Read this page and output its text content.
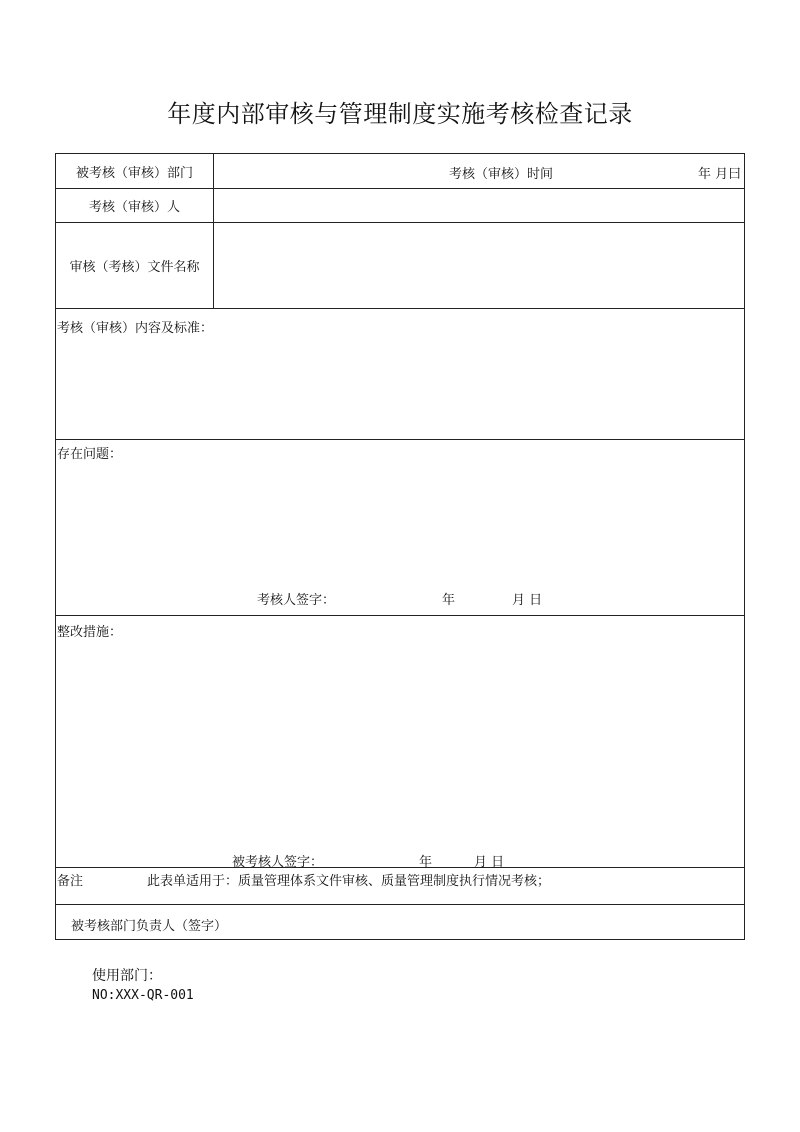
年度内部审核与管理制度实施考核检查记录
被考核（审核）部门	考核（审核）时间	年 月曰
考核（审核）人
审核（考核）文件名称
考核（审核）内容及标准：
存在问题：
考核人签字：	年	月 日
整改措施：
被考核人签字：	年	月 日
备注	此表单适用于：质量管理体系文件审核、质量管理制度执行情况考核；
被考核部门负责人（签字）
使用部门：
NO:XXX-QR-001
